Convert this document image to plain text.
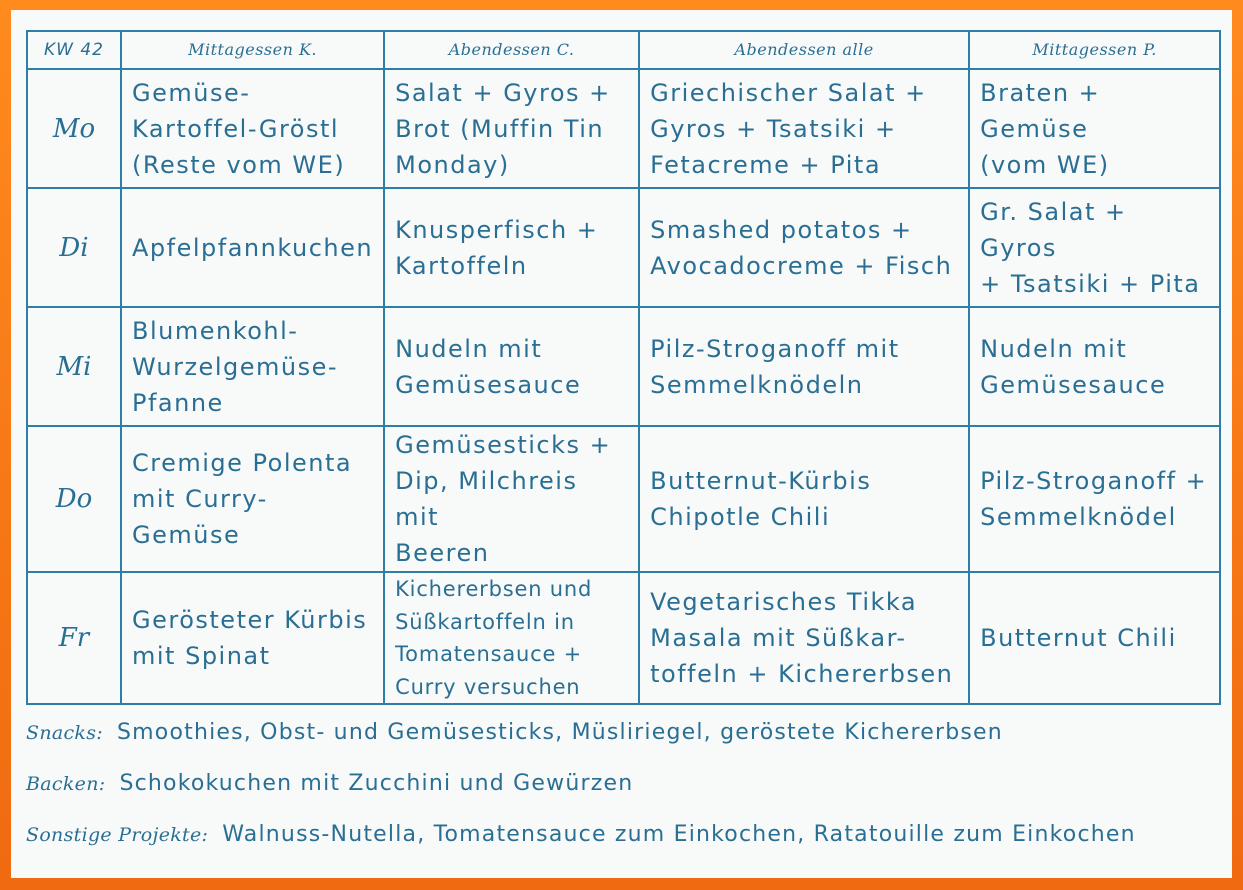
KW 42	Mittagessen K.	Abendessen C.	Abendessen alle	Mittagessen P.
Mo	Gemüse-
Kartoffel-Gröstl
(Reste vom WE)	Salat + Gyros +
Brot (Muffin Tin
Monday)	Griechischer Salat +
Gyros + Tsatsiki +
Fetacreme + Pita	Braten + Gemüse
(vom WE)
Di	Apfelpfannkuchen	Knusperfisch +
Kartoffeln	Smashed potatos +
Avocadocreme + Fisch	Gr. Salat + Gyros
+ Tsatsiki + Pita
Mi	Blumenkohl-
Wurzelgemüse-
Pfanne	Nudeln mit
Gemüsesauce	Pilz-Stroganoff mit
Semmelknödeln	Nudeln mit
Gemüsesauce
Do	Cremige Polenta
mit Curry-
Gemüse	Gemüsesticks +
Dip, Milchreis mit
Beeren	Butternut-Kürbis
Chipotle Chili	Pilz-Stroganoff +
Semmelknödel
Fr	Gerösteter Kürbis
mit Spinat	Kichererbsen und
Süßkartoffeln in
Tomatensauce +
Curry versuchen	Vegetarisches Tikka
Masala mit Süßkar-
toffeln + Kichererbsen	Butternut Chili
Snacks: Smoothies, Obst- und Gemüsesticks, Müsliriegel, geröstete Kichererbsen
Backen: Schokokuchen mit Zucchini und Gewürzen
Sonstige Projekte: Walnuss-Nutella, Tomatensauce zum Einkochen, Ratatouille zum Einkochen
